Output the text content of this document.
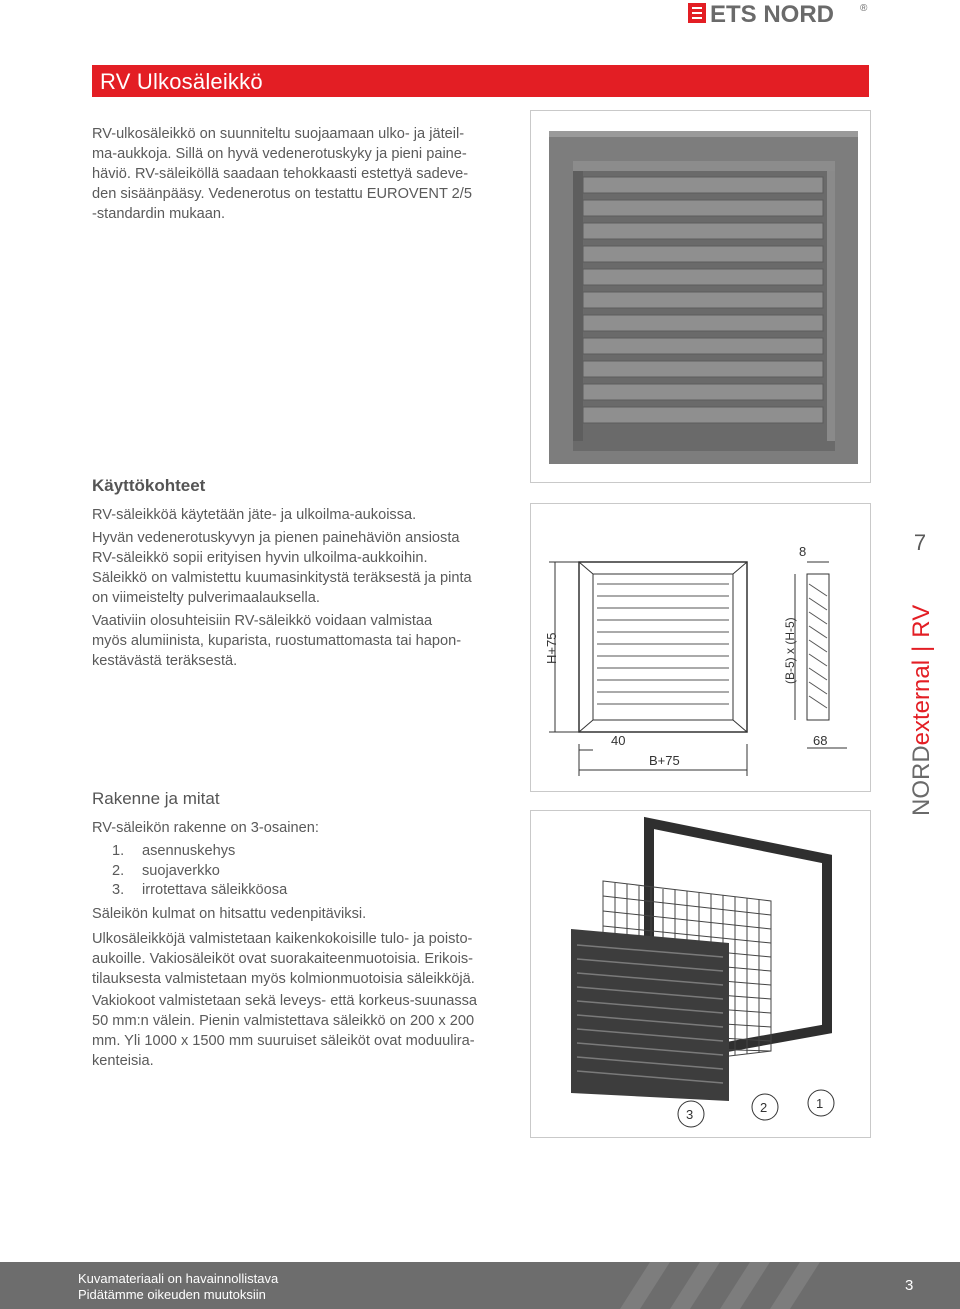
ETS NORD	®
RV Ulkosäleikkö

RV-ulkosäleikkö on suunniteltu suojaamaan ulko- ja jäteil-
ma-aukkoja. Sillä on hyvä vedenerotuskyky ja pieni paine-
häviö. RV-säleiköllä saadaan tehokkaasti estettyä sadeve-
den sisäänpääsy. Vedenerotus on testattu EUROVENT 2/5
-standardin mukaan.

Käyttökohteet

RV-säleikköä käytetään jäte- ja ulkoilma-aukoissa.

Hyvän vedenerotuskyvyn ja pienen painehäviön ansiosta
RV-säleikkö sopii erityisen hyvin ulkoilma-aukkoihin.
Säleikkö on valmistettu kuumasinkitystä teräksestä ja pinta
on viimeistelty pulverimaalauksella.

Vaativiin olosuhteisiin RV-säleikkö voidaan valmistaa
myös alumiinista, kuparista, ruostumattomasta tai hapon-
kestävästä teräksestä.

Rakenne ja mitat

RV-säleikön rakenne on 3-osainen:

1. asennuskehys
2. suojaverkko
3. irrotettava säleikköosa

Säleikön kulmat on hitsattu vedenpitäviksi.

Ulkosäleikköjä valmistetaan kaikenkokoisille tulo- ja poisto-
aukoille. Vakiosäleiköt ovat suorakaiteenmuotoisia. Erikois-
tilauksesta valmistetaan myös kolmionmuotoisia säleikköjä.

Vakiokoot valmistetaan sekä leveys- että korkeus-suunassa
50 mm:n välein. Pienin valmistettava säleikkö on 200 x 200
mm. Yli 1000 x 1500 mm suuruiset säleiköt ovat moduulira-
kenteisia.

H+75
B+75
40
8
(B-5) x (H-5)
68
3	2	1
7
NORDexternal|RV
Kuvamateriaali on havainnollistava
Pidätämme oikeuden muutoksiin
3
